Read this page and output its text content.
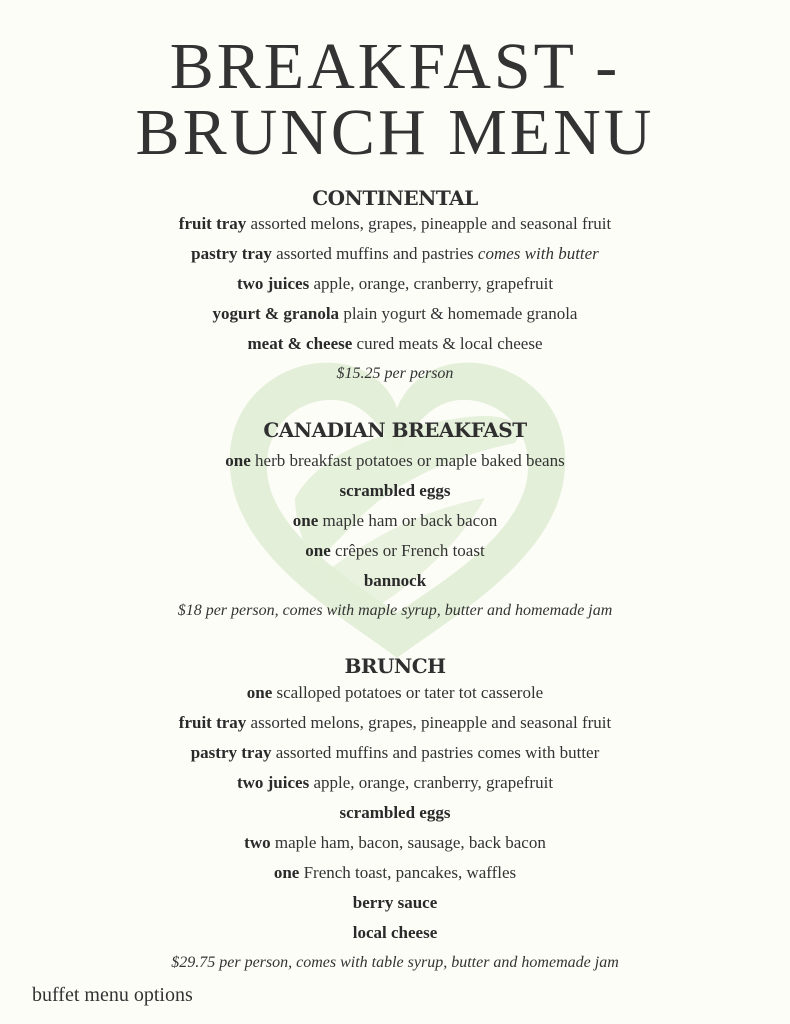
BREAKFAST -
BRUNCH MENU
CONTINENTAL
fruit tray assorted melons, grapes, pineapple and seasonal fruit
pastry tray assorted muffins and pastries comes with butter
two juices apple, orange, cranberry, grapefruit
yogurt & granola plain yogurt & homemade granola
meat & cheese cured meats & local cheese
$15.25 per person
CANADIAN BREAKFAST
one herb breakfast potatoes or maple baked beans
scrambled eggs
one maple ham or back bacon
one crêpes or French toast
bannock
$18 per person, comes with maple syrup, butter and homemade jam
BRUNCH
one scalloped potatoes or tater tot casserole
fruit tray assorted melons, grapes, pineapple and seasonal fruit
pastry tray assorted muffins and pastries comes with butter
two juices apple, orange, cranberry, grapefruit
scrambled eggs
two maple ham, bacon, sausage, back bacon
one French toast, pancakes, waffles
berry sauce
local cheese
$29.75 per person, comes with table syrup, butter and homemade jam
buffet menu options
